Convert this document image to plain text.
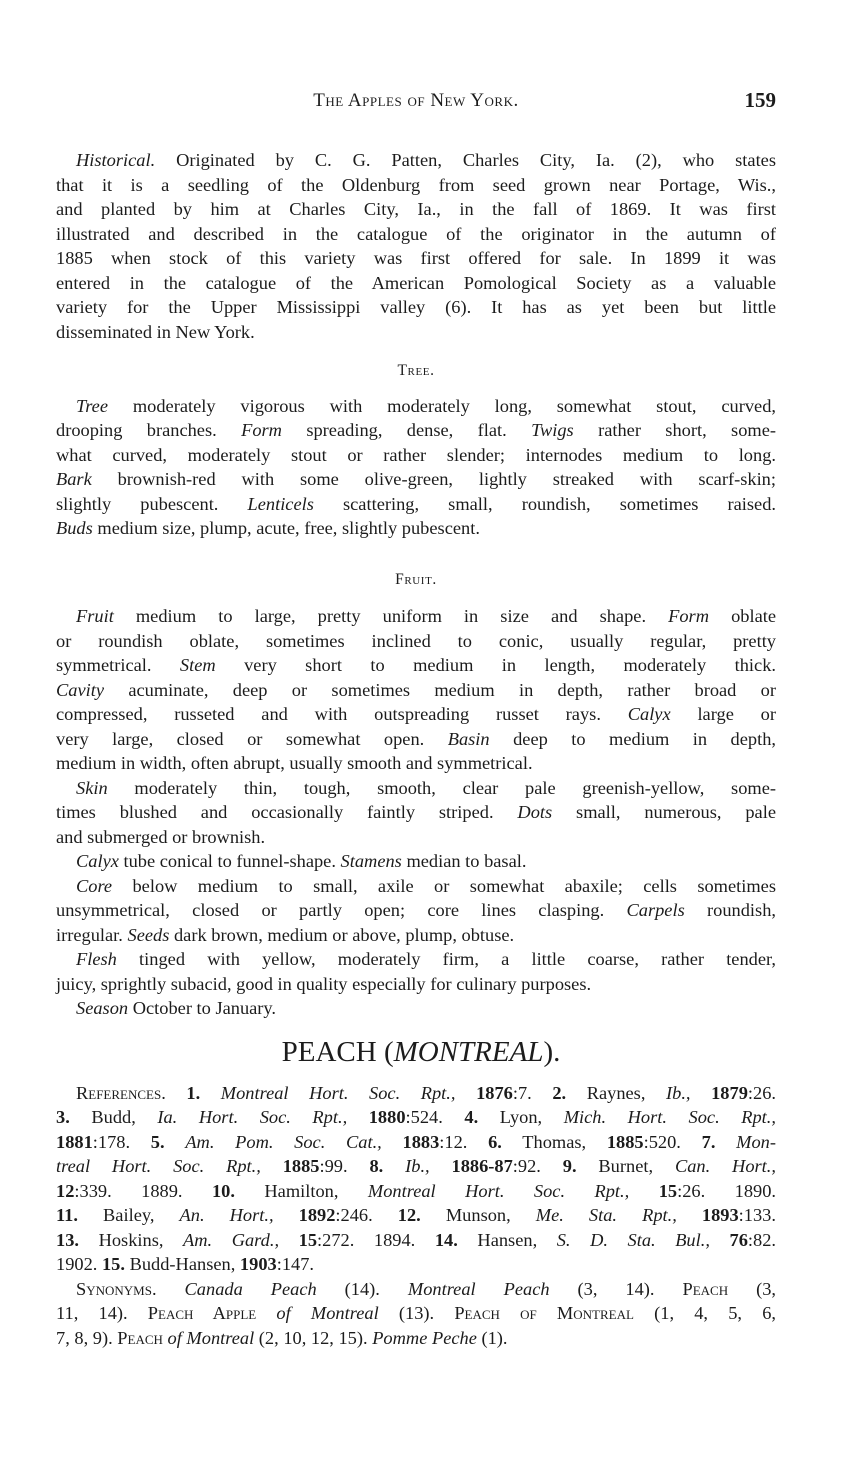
The Apples of New York.	159
Historical. Originated by C. G. Patten, Charles City, Ia. (2), who states
that it is a seedling of the Oldenburg from seed grown near Portage, Wis.,
and planted by him at Charles City, Ia., in the fall of 1869. It was first
illustrated and described in the catalogue of the originator in the autumn of
1885 when stock of this variety was first offered for sale. In 1899 it was
entered in the catalogue of the American Pomological Society as a valuable
variety for the Upper Mississippi valley (6). It has as yet been but little
disseminated in New York.
Tree.
Tree moderately vigorous with moderately long, somewhat stout, curved,
drooping branches. Form spreading, dense, flat. Twigs rather short, some-
what curved, moderately stout or rather slender; internodes medium to long.
Bark brownish-red with some olive-green, lightly streaked with scarf-skin;
slightly pubescent. Lenticels scattering, small, roundish, sometimes raised.
Buds medium size, plump, acute, free, slightly pubescent.
Fruit.
Fruit medium to large, pretty uniform in size and shape. Form oblate
or roundish oblate, sometimes inclined to conic, usually regular, pretty
symmetrical. Stem very short to medium in length, moderately thick.
Cavity acuminate, deep or sometimes medium in depth, rather broad or
compressed, russeted and with outspreading russet rays. Calyx large or
very large, closed or somewhat open. Basin deep to medium in depth,
medium in width, often abrupt, usually smooth and symmetrical.
Skin moderately thin, tough, smooth, clear pale greenish-yellow, some-
times blushed and occasionally faintly striped. Dots small, numerous, pale
and submerged or brownish.
Calyx tube conical to funnel-shape. Stamens median to basal.
Core below medium to small, axile or somewhat abaxile; cells sometimes
unsymmetrical, closed or partly open; core lines clasping. Carpels roundish,
irregular. Seeds dark brown, medium or above, plump, obtuse.
Flesh tinged with yellow, moderately firm, a little coarse, rather tender,
juicy, sprightly subacid, good in quality especially for culinary purposes.
Season October to January.
PEACH (MONTREAL).
References. 1. Montreal Hort. Soc. Rpt., 1876:7. 2. Raynes, Ib., 1879:26.
3. Budd, Ia. Hort. Soc. Rpt., 1880:524. 4. Lyon, Mich. Hort. Soc. Rpt.,
1881:178. 5. Am. Pom. Soc. Cat., 1883:12. 6. Thomas, 1885:520. 7. Mon-
treal Hort. Soc. Rpt., 1885:99. 8. Ib., 1886-87:92. 9. Burnet, Can. Hort.,
12:339. 1889. 10. Hamilton, Montreal Hort. Soc. Rpt., 15:26. 1890.
11. Bailey, An. Hort., 1892:246. 12. Munson, Me. Sta. Rpt., 1893:133.
13. Hoskins, Am. Gard., 15:272. 1894. 14. Hansen, S. D. Sta. Bul., 76:82.
1902. 15. Budd-Hansen, 1903:147.
Synonyms. Canada Peach (14). Montreal Peach (3, 14). Peach (3,
11, 14). Peach Apple of Montreal (13). Peach of Montreal (1, 4, 5, 6,
7, 8, 9). Peach of Montreal (2, 10, 12, 15). Pomme Peche (1).
